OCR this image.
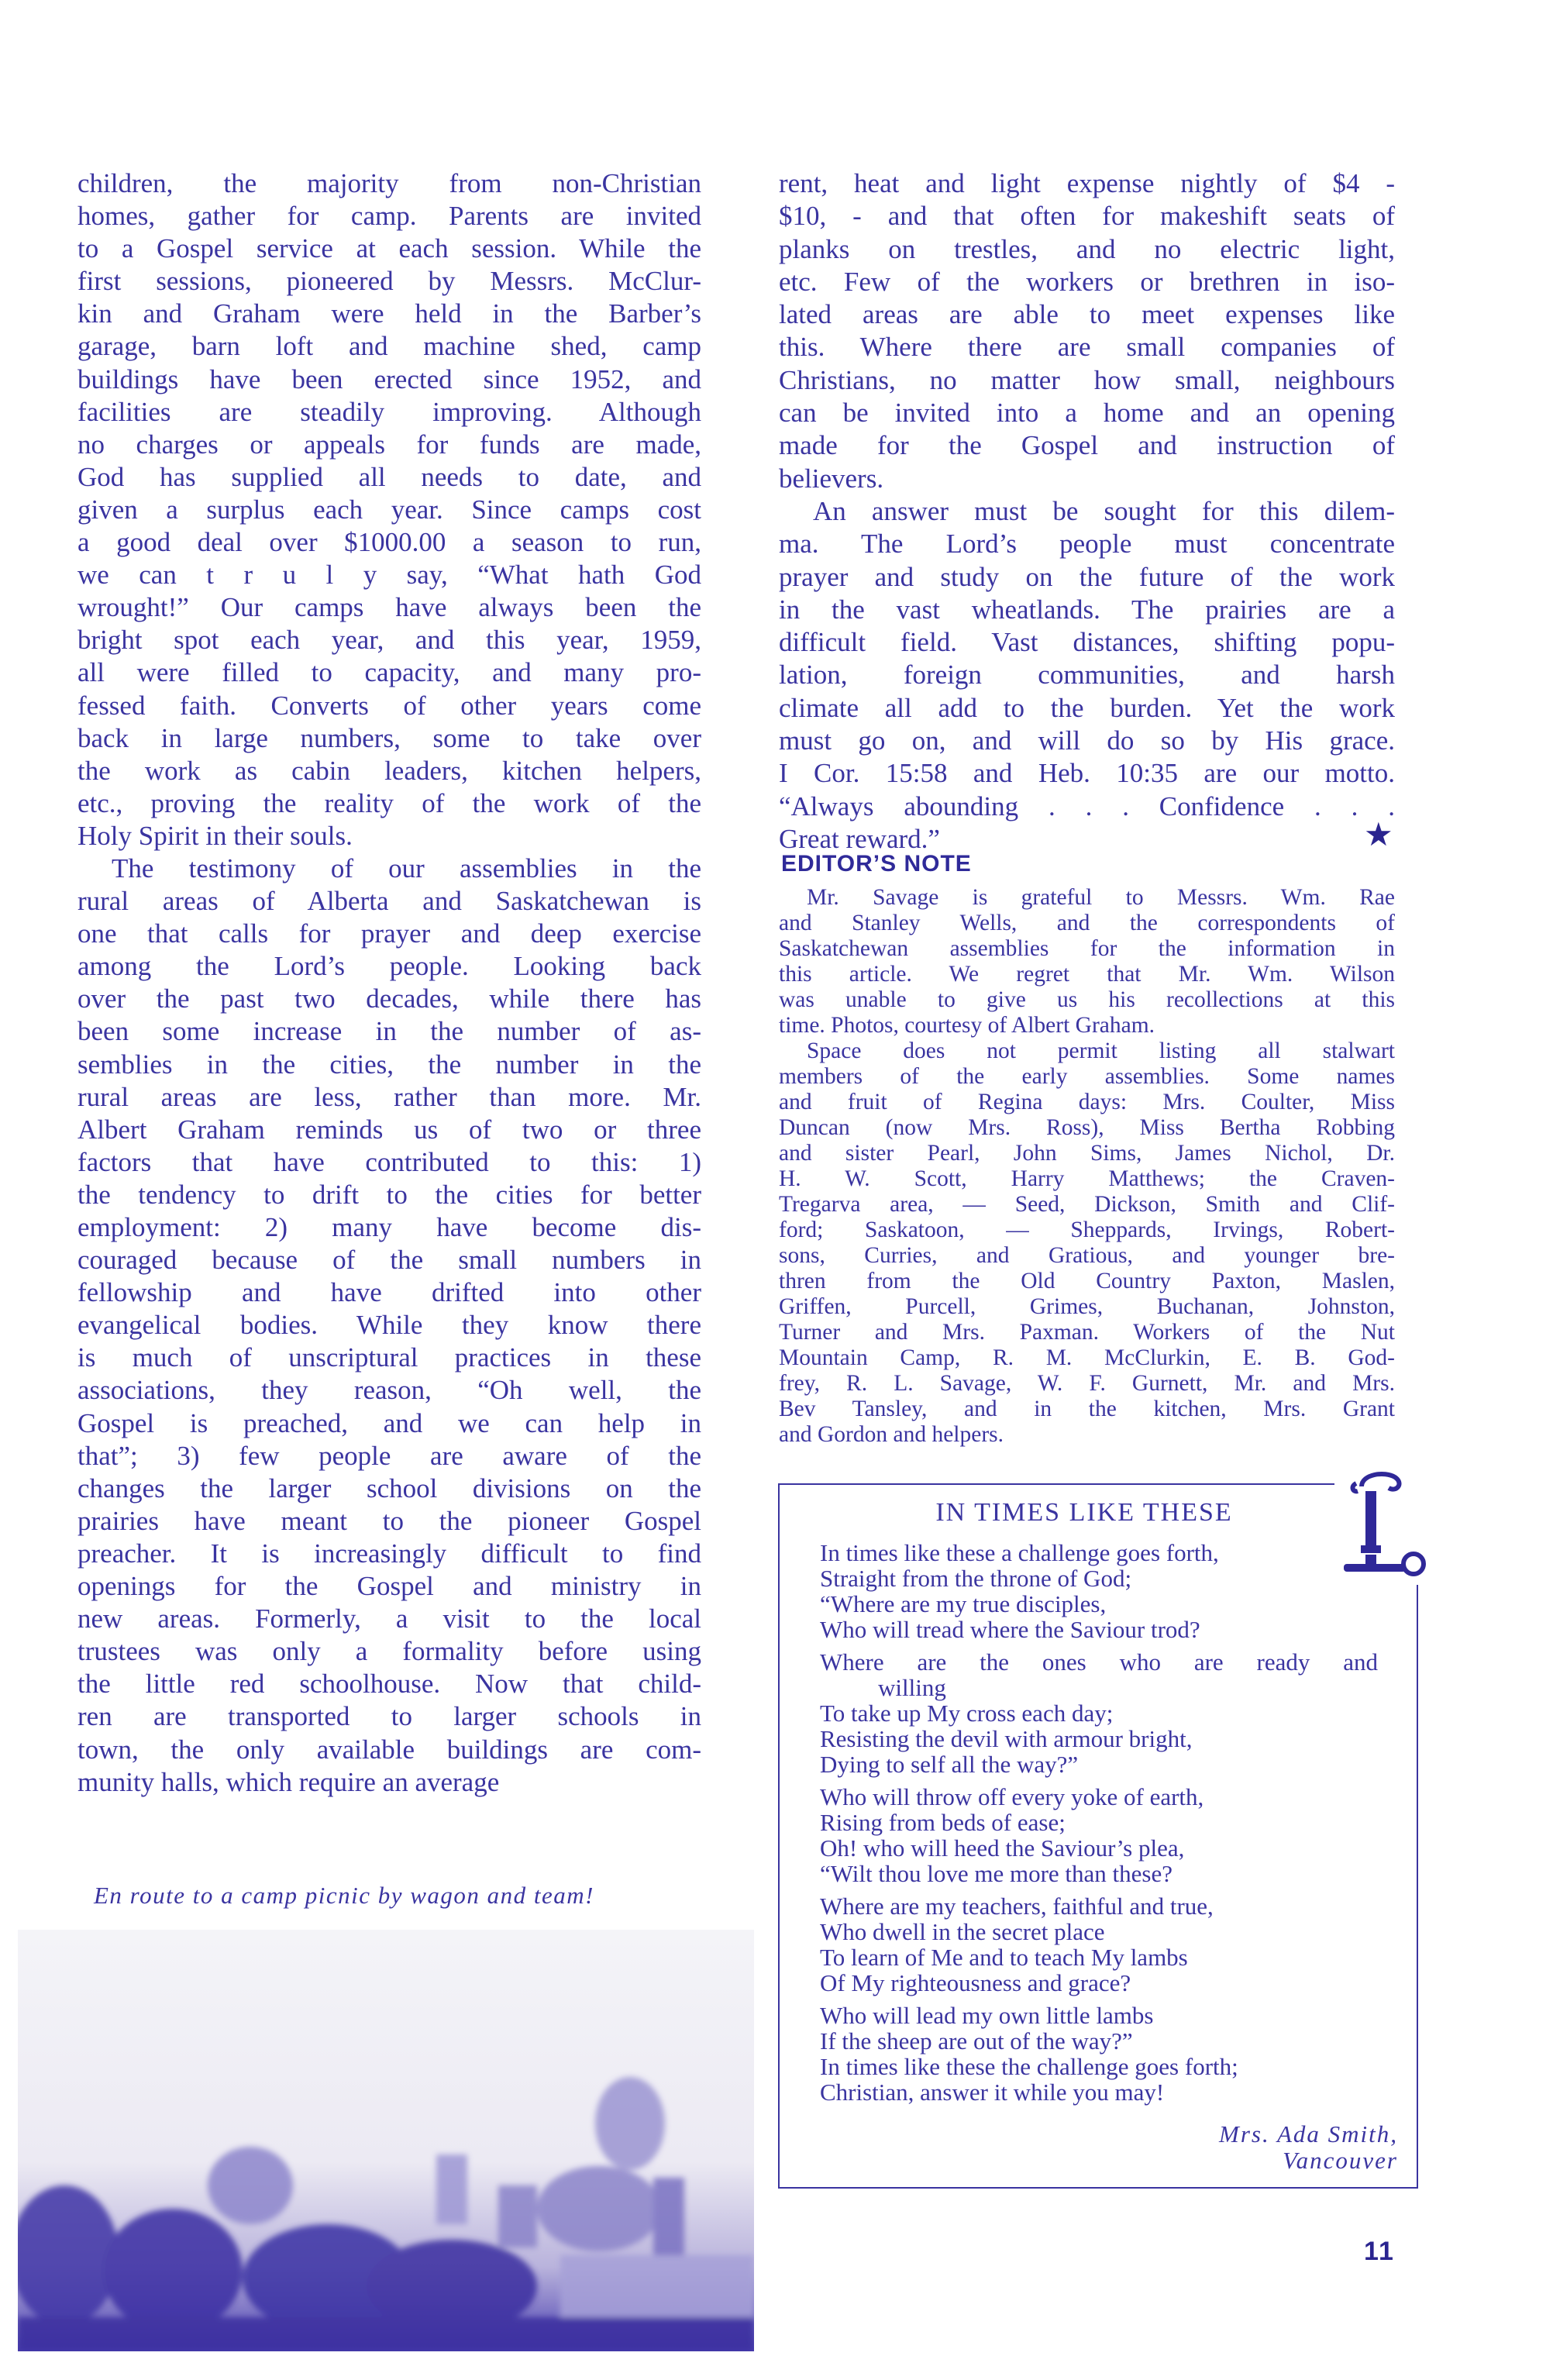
children, the majority from non-Christian
homes, gather for camp. Parents are invited
to a Gospel service at each session. While the
first sessions, pioneered by Messrs. McClur-
kin and Graham were held in the Barber’s
garage, barn loft and machine shed, camp
buildings have been erected since 1952, and
facilities are steadily improving. Although
no charges or appeals for funds are made,
God has supplied all needs to date, and
given a surplus each year. Since camps cost
a good deal over $1000.00 a season to run,
we can t r u l y say, “What hath God
wrought!” Our camps have always been the
bright spot each year, and this year, 1959,
all were filled to capacity, and many pro-
fessed faith. Converts of other years come
back in large numbers, some to take over
the work as cabin leaders, kitchen helpers,
etc., proving the reality of the work of the
Holy Spirit in their souls.
The testimony of our assemblies in the
rural areas of Alberta and Saskatchewan is
one that calls for prayer and deep exercise
among the Lord’s people. Looking back
over the past two decades, while there has
been some increase in the number of as-
semblies in the cities, the number in the
rural areas are less, rather than more. Mr.
Albert Graham reminds us of two or three
factors that have contributed to this: 1)
the tendency to drift to the cities for better
employment: 2) many have become dis-
couraged because of the small numbers in
fellowship and have drifted into other
evangelical bodies. While they know there
is much of unscriptural practices in these
associations, they reason, “Oh well, the
Gospel is preached, and we can help in
that”; 3) few people are aware of the
changes the larger school divisions on the
prairies have meant to the pioneer Gospel
preacher. It is increasingly difficult to find
openings for the Gospel and ministry in
new areas. Formerly, a visit to the local
trustees was only a formality before using
the little red schoolhouse. Now that child-
ren are transported to larger schools in
town, the only available buildings are com-
munity halls, which require an average
rent, heat and light expense nightly of $4 -
$10, - and that often for makeshift seats of
planks on trestles, and no electric light,
etc. Few of the workers or brethren in iso-
lated areas are able to meet expenses like
this. Where there are small companies of
Christians, no matter how small, neighbours
can be invited into a home and an opening
made for the Gospel and instruction of
believers.
An answer must be sought for this dilem-
ma. The Lord’s people must concentrate
prayer and study on the future of the work
in the vast wheatlands. The prairies are a
difficult field. Vast distances, shifting popu-
lation, foreign communities, and harsh
climate all add to the burden. Yet the work
must go on, and will do so by His grace.
I Cor. 15:58 and Heb. 10:35 are our motto.
“Always abounding . . . Confidence . . .
Great reward.”	★
EDITOR’S NOTE
Mr. Savage is grateful to Messrs. Wm. Rae
and Stanley Wells, and the correspondents of
Saskatchewan assemblies for the information in
this article. We regret that Mr. Wm. Wilson
was unable to give us his recollections at this
time. Photos, courtesy of Albert Graham.
Space does not permit listing all stalwart
members of the early assemblies. Some names
and fruit of Regina days: Mrs. Coulter, Miss
Duncan (now Mrs. Ross), Miss Bertha Robbing
and sister Pearl, John Sims, James Nichol, Dr.
H. W. Scott, Harry Matthews; the Craven-
Tregarva area, — Seed, Dickson, Smith and Clif-
ford; Saskatoon, — Sheppards, Irvings, Robert-
sons, Curries, and Gratious, and younger bre-
thren from the Old Country Paxton, Maslen,
Griffen, Purcell, Grimes, Buchanan, Johnston,
Turner and Mrs. Paxman. Workers of the Nut
Mountain Camp, R. M. McClurkin, E. B. God-
frey, R. L. Savage, W. F. Gurnett, Mr. and Mrs.
Bev Tansley, and in the kitchen, Mrs. Grant
and Gordon and helpers.
En route to a camp picnic by wagon and team!
IN TIMES LIKE THESE
In times like these a challenge goes forth,
Straight from the throne of God;
“Where are my true disciples,
Who will tread where the Saviour trod?
Where are the ones who are ready and
willing
To take up My cross each day;
Resisting the devil with armour bright,
Dying to self all the way?”
Who will throw off every yoke of earth,
Rising from beds of ease;
Oh! who will heed the Saviour’s plea,
“Wilt thou love me more than these?
Where are my teachers, faithful and true,
Who dwell in the secret place
To learn of Me and to teach My lambs
Of My righteousness and grace?
Who will lead my own little lambs
If the sheep are out of the way?”
In times like these the challenge goes forth;
Christian, answer it while you may!
Mrs. Ada Smith,
Vancouver
11
